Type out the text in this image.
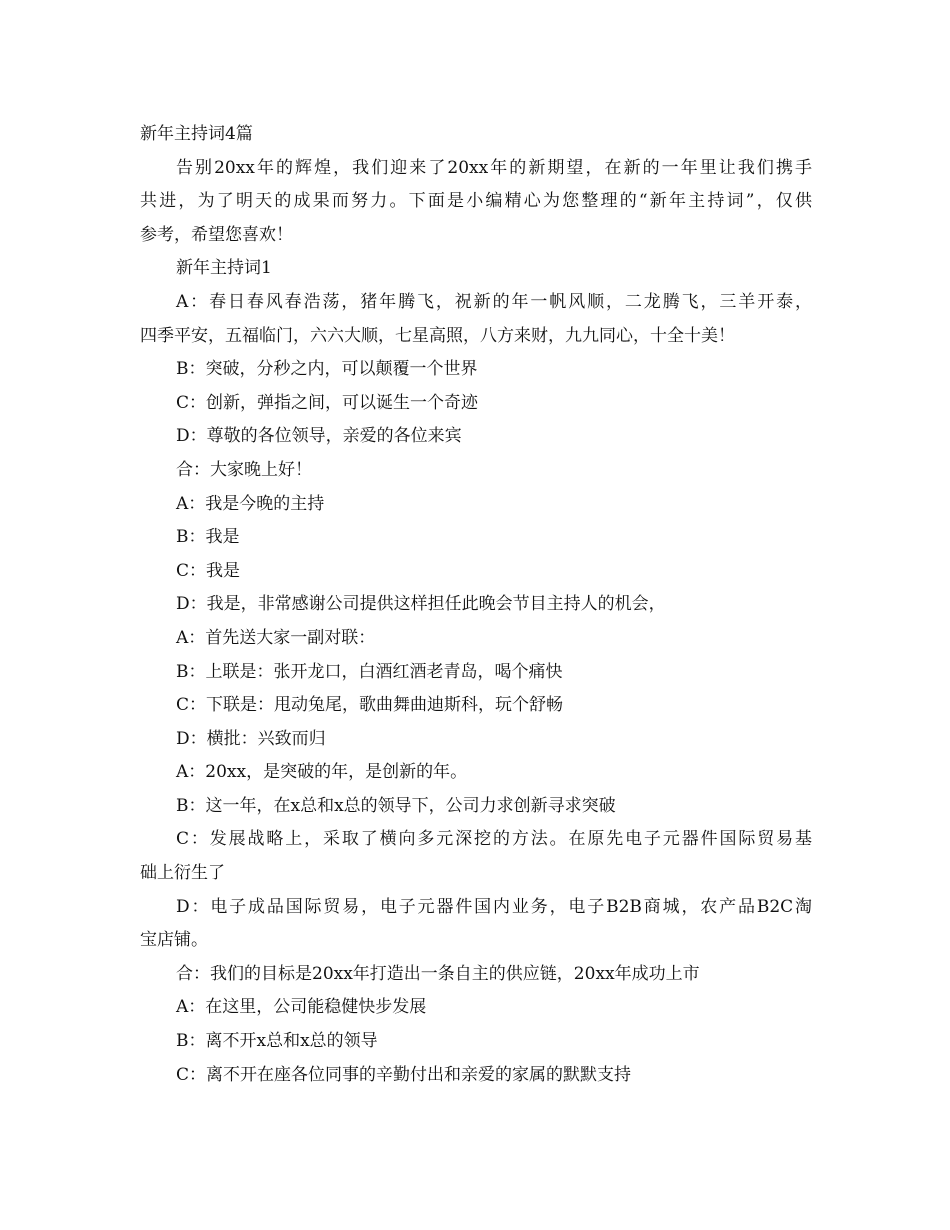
新年主持词4篇

告别20xx年的辉煌，我们迎来了20xx年的新期望，在新的一年里让我们携手

共进，为了明天的成果而努力。下面是小编精心为您整理的“新年主持词”，仅供

参考，希望您喜欢！

新年主持词1

A：春日春风春浩荡，猪年腾飞，祝新的年一帆风顺，二龙腾飞，三羊开泰，

四季平安，五福临门，六六大顺，七星高照，八方来财，九九同心，十全十美！

B：突破，分秒之内，可以颠覆一个世界

C：创新，弹指之间，可以诞生一个奇迹

D：尊敬的各位领导，亲爱的各位来宾

合：大家晚上好！

A：我是今晚的主持

B：我是

C：我是

D：我是，非常感谢公司提供这样担任此晚会节目主持人的机会，

A：首先送大家一副对联：

B：上联是：张开龙口，白酒红酒老青岛，喝个痛快

C：下联是：甩动兔尾，歌曲舞曲迪斯科，玩个舒畅

D：横批：兴致而归

A：20xx，是突破的年，是创新的年。

B：这一年，在x总和x总的领导下，公司力求创新寻求突破

C：发展战略上，采取了横向多元深挖的方法。在原先电子元器件国际贸易基

础上衍生了

D：电子成品国际贸易，电子元器件国内业务，电子B2B商城，农产品B2C淘

宝店铺。

合：我们的目标是20xx年打造出一条自主的供应链，20xx年成功上市

A：在这里，公司能稳健快步发展

B：离不开x总和x总的领导

C：离不开在座各位同事的辛勤付出和亲爱的家属的默默支持
